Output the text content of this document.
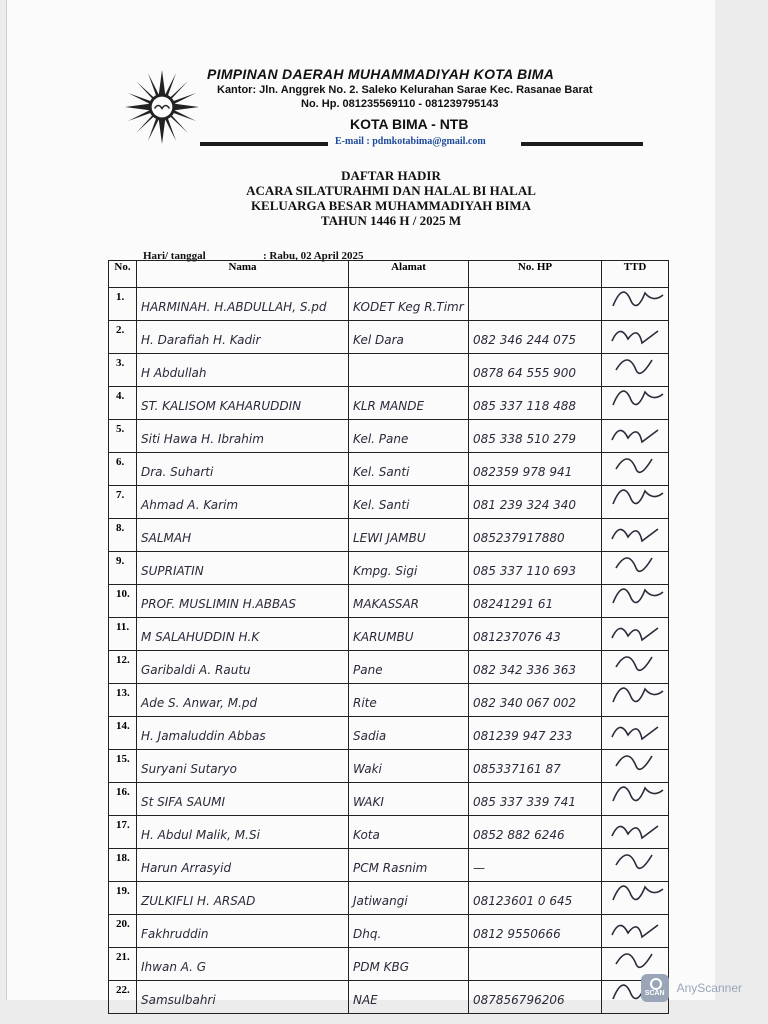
PIMPINAN DAERAH MUHAMMADIYAH KOTA BIMA
Kantor: Jln. Anggrek No. 2. Saleko Kelurahan Sarae Kec. Rasanae Barat
No. Hp. 081235569110 - 081239795143
KOTA BIMA - NTB
E-mail : pdmkotabima@gmail.com
DAFTAR HADIR
ACARA SILATURAHMI DAN HALAL BI HALAL
KELUARGA BESAR MUHAMMADIYAH BIMA
TAHUN 1446 H / 2025 M
Hari/ tanggal	: Rabu, 02 April 2025
No.	Nama	Alamat	No. HP	TTD
1.	HARMINAH. H.ABDULLAH, S.pd	KODET Keg R.Timr		

2.	H. Darafiah H. Kadir	Kel Dara	082 346 244 075	

3.	H Abdullah		0878 64 555 900	

4.	ST. KALISOM KAHARUDDIN	KLR MANDE	085 337 118 488	

5.	Siti Hawa H. Ibrahim	Kel. Pane	085 338 510 279	

6.	Dra. Suharti	Kel. Santi	082359 978 941	

7.	Ahmad A. Karim	Kel. Santi	081 239 324 340	

8.	SALMAH	LEWI JAMBU	085237917880	

9.	SUPRIATIN	Kmpg. Sigi	085 337 110 693	

10.	PROF. MUSLIMIN H.ABBAS	MAKASSAR	08241291 61	

11.	M SALAHUDDIN H.K	KARUMBU	081237076 43	

12.	Garibaldi A. Rautu	Pane	082 342 336 363	

13.	Ade S. Anwar, M.pd	Rite	082 340 067 002	

14.	H. Jamaluddin Abbas	Sadia	081239 947 233	

15.	Suryani Sutaryo	Waki	085337161 87	

16.	St SIFA SAUMI	WAKI	085 337 339 741	

17.	H. Abdul Malik, M.Si	Kota	0852 882 6246	

18.	Harun Arrasyid	PCM Rasnim	—	

19.	ZULKIFLI H. ARSAD	Jatiwangi	08123601 0 645	

20.	Fakhruddin	Dhq.	0812 9550666	

21.	Ihwan A. G	PDM KBG		

22.	Samsulbahri	NAE	087856796206		SCAN	AnyScanner
